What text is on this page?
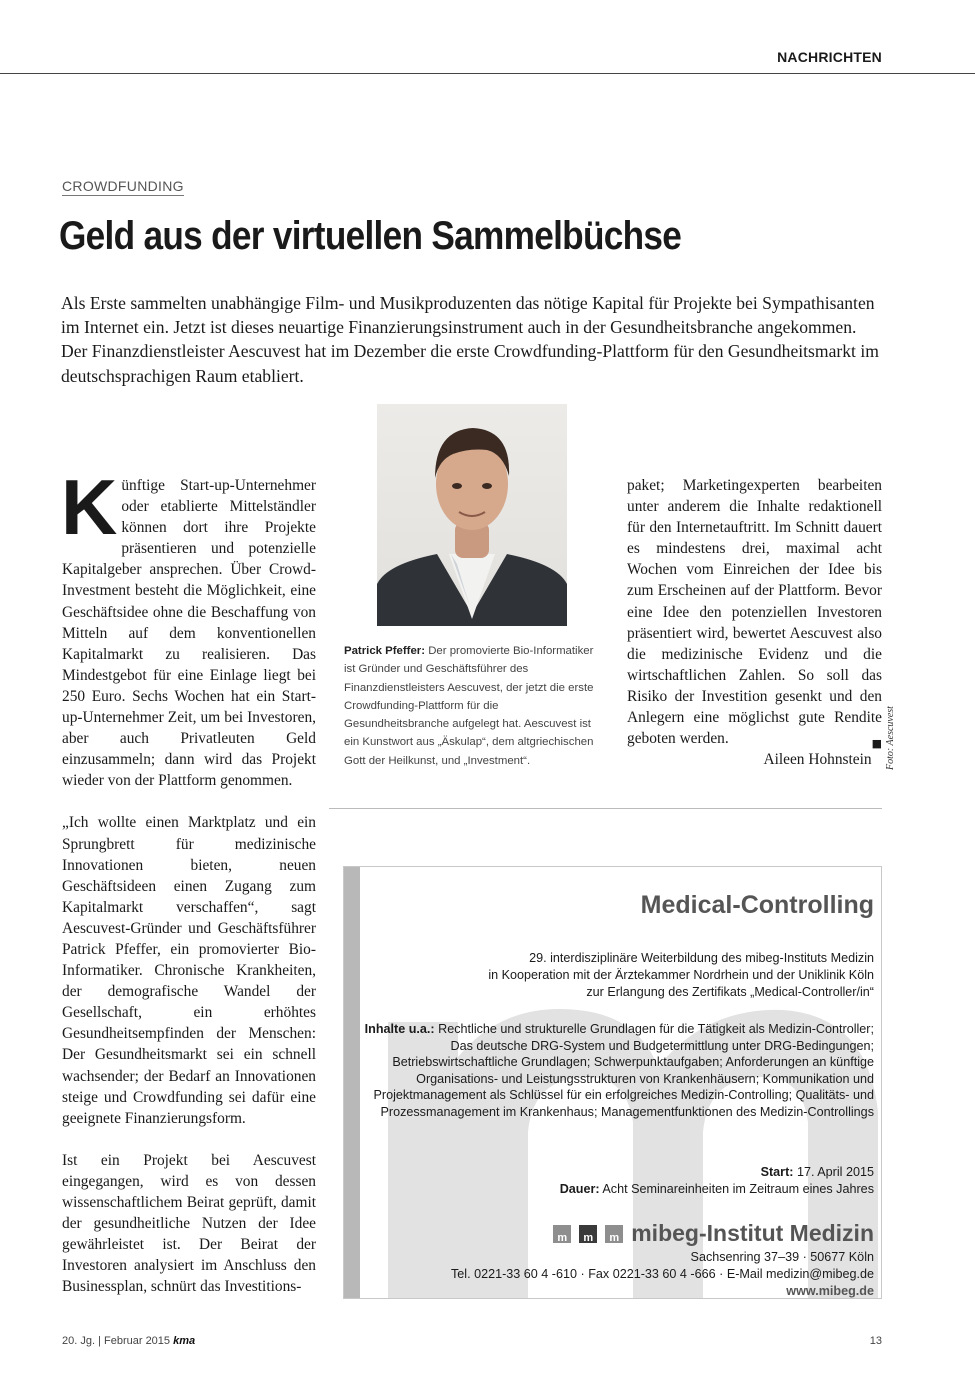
NACHRICHTEN
CROWDFUNDING
Geld aus der virtuellen Sammelbüchse

Als Erste sammelten unabhängige Film- und Musikproduzenten das nötige Kapital für Projekte bei Sympathisanten im Internet ein. Jetzt ist dieses neuartige Finanzierungsinstrument auch in der Gesundheitsbranche angekommen. Der Finanzdienstleister Aescuvest hat im Dezember die erste Crowdfunding-Plattform für den Gesundheitsmarkt im deutschsprachigen Raum etabliert.

Künftige Start-up-Unternehmer oder etablierte Mittelständler können dort ihre Projekte präsentieren und potenzielle Kapitalgeber ansprechen. Über Crowd-Investment besteht die Möglichkeit, eine Geschäftsidee ohne die Beschaffung von Mitteln auf dem konventionellen Kapitalmarkt zu realisieren. Das Mindestgebot für eine Einlage liegt bei 250 Euro. Sechs Wochen hat ein Start-up-Unternehmer Zeit, um bei Investoren, aber auch Privatleuten Geld einzusammeln; dann wird das Projekt wieder von der Plattform genommen.

„Ich wollte einen Marktplatz und ein Sprungbrett für medizinische Innovationen bieten, neuen Geschäftsideen einen Zugang zum Kapitalmarkt verschaffen“, sagt Aescuvest-Gründer und Geschäftsführer Patrick Pfeffer, ein promovierter Bio-Informatiker. Chronische Krankheiten, der demografische Wandel der Gesellschaft, ein erhöhtes Gesundheitsempfinden der Menschen: Der Gesundheitsmarkt sei ein schnell wachsender; der Bedarf an Innovationen steige und Crowdfunding sei dafür eine geeignete Finanzierungsform.

Ist ein Projekt bei Aescuvest eingegangen, wird es von dessen wissenschaftlichem Beirat geprüft, damit der gesundheitliche Nutzen der Idee gewährleistet ist. Der Beirat der Investoren analysiert im Anschluss den Businessplan, schnürt das Investitions-

Patrick Pfeffer: Der promovierte Bio-Informatiker ist Gründer und Geschäftsführer des Finanzdienstleisters Aescuvest, der jetzt die erste Crowdfunding-Plattform für die Gesundheitsbranche aufgelegt hat. Aescuvest ist ein Kunstwort aus „Äskulap“, dem altgriechischen Gott der Heilkunst, und „Investment“.

paket; Marketingexperten bearbeiten unter anderem die Inhalte redaktionell für den Internetauftritt. Im Schnitt dauert es mindestens drei, maximal acht Wochen vom Einreichen der Idee bis zum Erscheinen auf der Plattform. Bevor eine Idee den potenziellen Investoren präsentiert wird, bewertet Aescuvest also die medizinische Evidenz und die wirtschaftlichen Zahlen. So soll das Risiko der Investition gesenkt und den Anlegern eine möglichst gute Rendite geboten werden.	■

Aileen Hohnstein	Foto: Aescuvest
Medical-Controlling
29. interdisziplinäre Weiterbildung des mibeg-Instituts Medizin
in Kooperation mit der Ärztekammer Nordrhein und der Uniklinik Köln
zur Erlangung des Zertifikats „Medical-Controller/in“
Inhalte u.a.: Rechtliche und strukturelle Grundlagen für die Tätigkeit als Medizin-Controller; Das deutsche DRG-System und Budgetermittlung unter DRG-Bedingungen; Betriebswirtschaftliche Grundlagen; Schwerpunktaufgaben; Anforderungen an künftige Organisations- und Leistungsstrukturen von Krankenhäusern; Kommunikation und Projektmanagement als Schlüssel für ein erfolgreiches Medizin-Controlling; Qualitäts- und Prozessmanagement im Krankenhaus; Managementfunktionen des Medizin-Controllings
Start: 17. April 2015
Dauer: Acht Seminareinheiten im Zeitraum eines Jahres
m	m	m mibeg-Institut Medizin
Sachsenring 37–39 · 50677 Köln
Tel. 0221-33 60 4 -610 · Fax 0221-33 60 4 -666 · E-Mail medizin@mibeg.de
www.mibeg.de
20. Jg. | Februar 2015 kma	13
